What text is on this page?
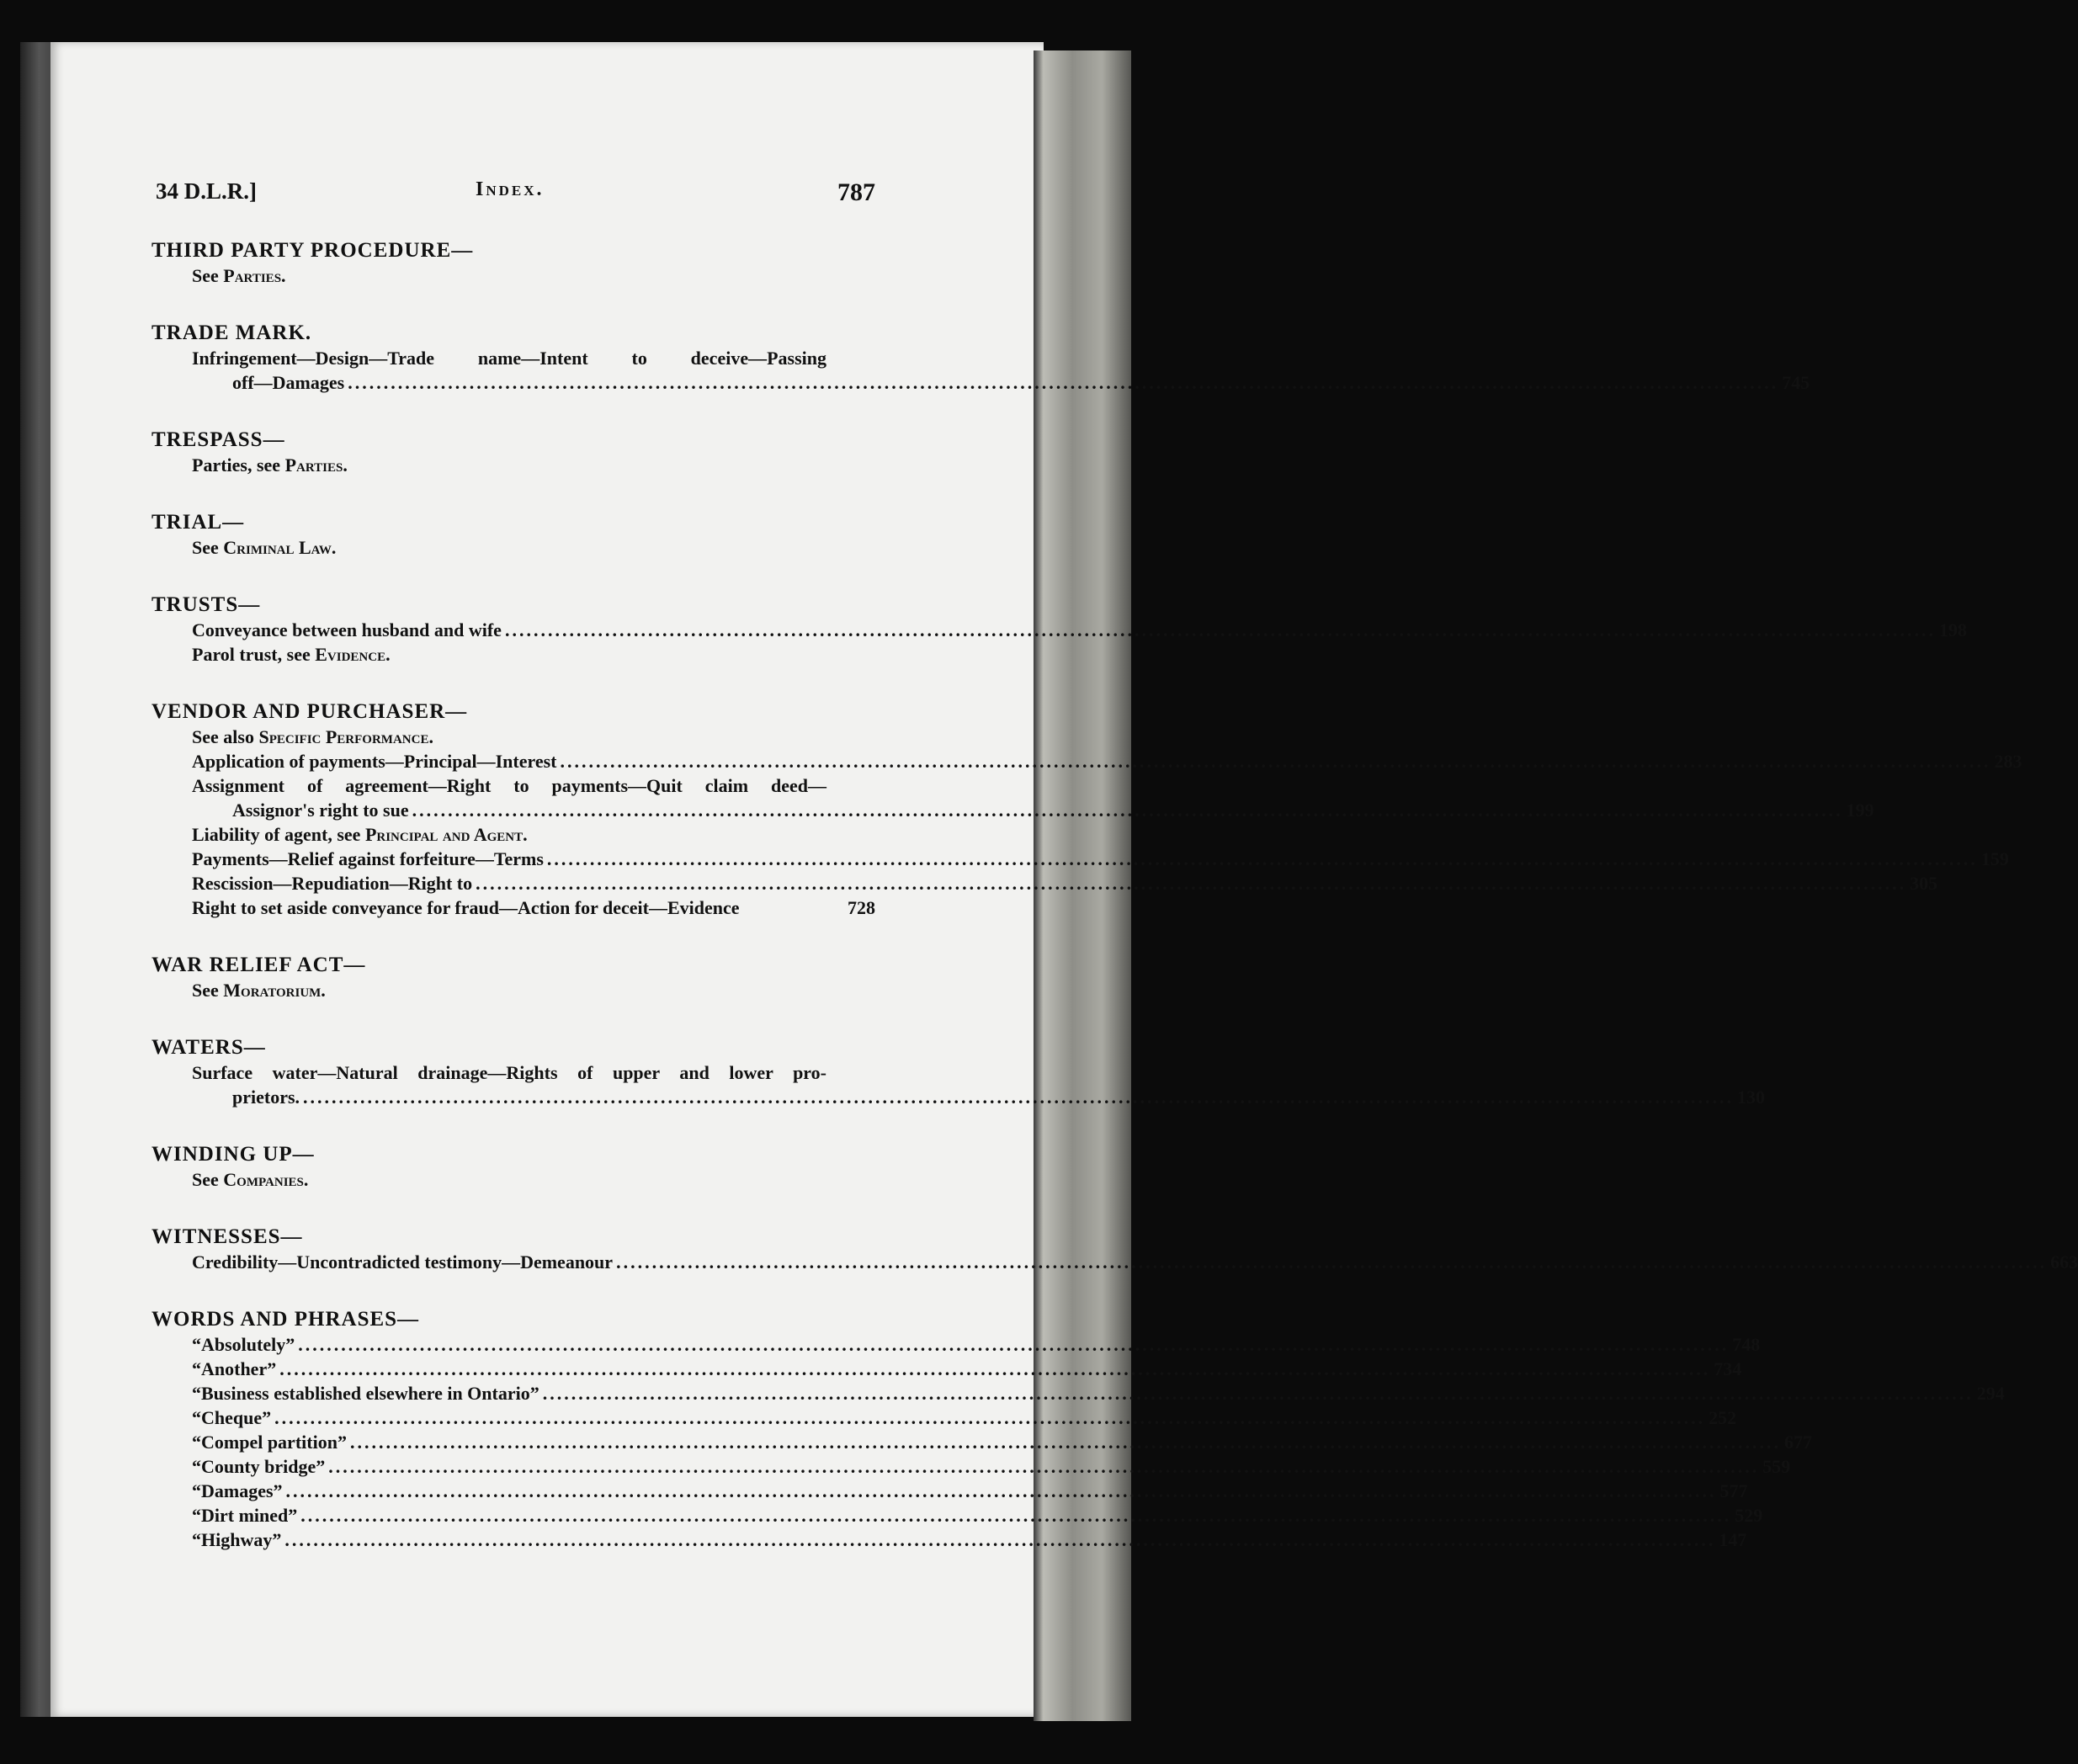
34 D.L.R.]	Index.	787
THIRD PARTY PROCEDURE—
See Parties.
TRADE MARK.
Infringement—Design—Trade name—Intent to deceive—Passing
off—Damages ........................................................................................................................................................................................................ 745
TRESPASS—
Parties, see Parties.
TRIAL—
See Criminal Law.
TRUSTS—
Conveyance between husband and wife ........................................................................................................................................................................................................ 198
Parol trust, see Evidence.
VENDOR AND PURCHASER—
See also Specific Performance.
Application of payments—Principal—Interest ........................................................................................................................................................................................................ 283
Assignment of agreement—Right to payments—Quit claim deed—
Assignor's right to sue ........................................................................................................................................................................................................ 199
Liability of agent, see Principal and Agent.
Payments—Relief against forfeiture—Terms ........................................................................................................................................................................................................ 159
Rescission—Repudiation—Right to ........................................................................................................................................................................................................ 305
Right to set aside conveyance for fraud—Action for deceit—Evidence	728
WAR RELIEF ACT—
See Moratorium.
WATERS—
Surface water—Natural drainage—Rights of upper and lower pro-
prietors. ........................................................................................................................................................................................................ 130
WINDING UP—
See Companies.
WITNESSES—
Credibility—Uncontradicted testimony—Demeanour ........................................................................................................................................................................................................ 663
WORDS AND PHRASES—
“Absolutely” ........................................................................................................................................................................................................ 748
“Another” ........................................................................................................................................................................................................ 734
“Business established elsewhere in Ontario” ........................................................................................................................................................................................................ 294
“Cheque” ........................................................................................................................................................................................................ 252
“Compel partition” ........................................................................................................................................................................................................ 677
“County bridge” ........................................................................................................................................................................................................ 559
“Damages” ........................................................................................................................................................................................................ 577
“Dirt mined” ........................................................................................................................................................................................................ 529
“Highway” ........................................................................................................................................................................................................ 147
